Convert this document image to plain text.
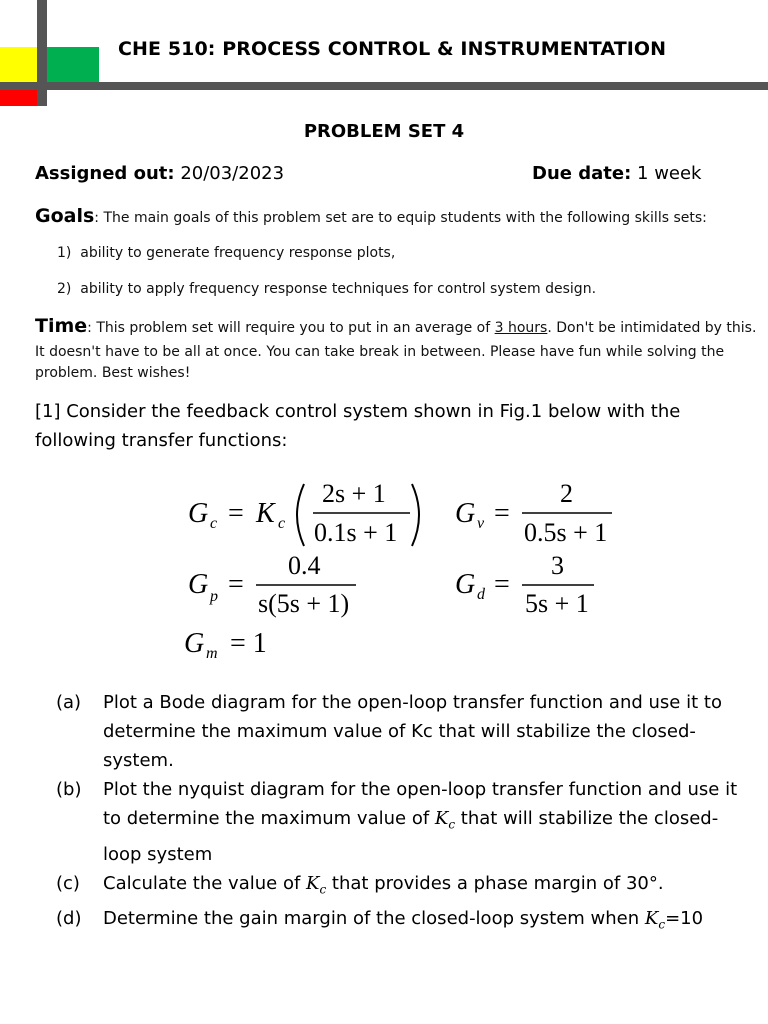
CHE 510: PROCESS CONTROL & INSTRUMENTATION
PROBLEM SET 4
Assigned out: 20/03/2023	Due date: 1 week
Goals: The main goals of this problem set are to equip students with the following skills sets:
1) ability to generate frequency response plots,
2) ability to apply frequency response techniques for control system design.
Time: This problem set will require you to put in an average of 3 hours. Don't be intimidated by this.
It doesn't have to be all at once. You can take break in between. Please have fun while solving the
problem. Best wishes!
[1] Consider the feedback control system shown in Fig.1 below with the
following transfer functions:
G c = K c
2s + 1
0.1s + 1
G v =
2
0.5s + 1
G p =
0.4
s(5s + 1)
G d =
3
5s + 1
G m = 1
(a)	Plot a Bode diagram for the open-loop transfer function and use it to
determine the maximum value of Kc that will stabilize the closed-
system.
(b)	Plot the nyquist diagram for the open-loop transfer function and use it
to determine the maximum value of $K_c$ that will stabilize the closed-
loop system
(c)	Calculate the value of $K_c$ that provides a phase margin of 30°.
(d)	Determine the gain margin of the closed-loop system when $K_c=10$
